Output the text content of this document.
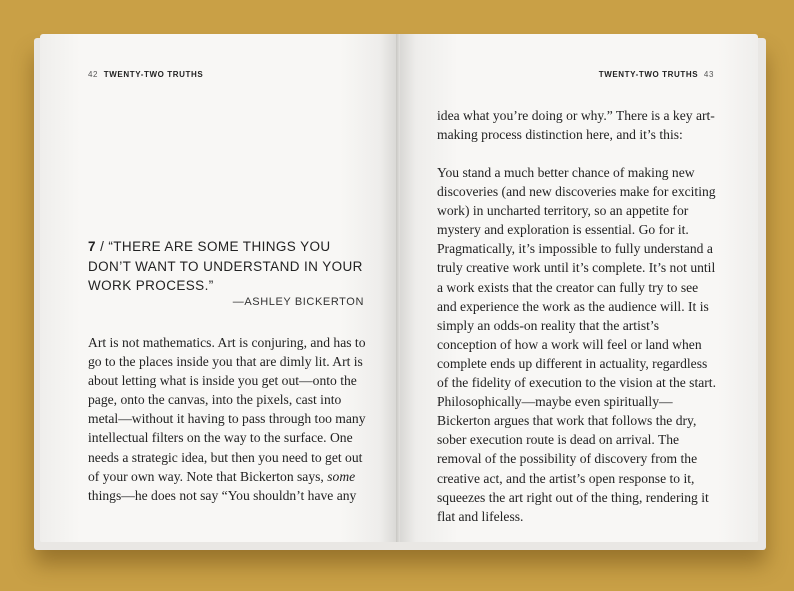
42 TWENTY-TWO TRUTHS
7 / “THERE ARE SOME THINGS YOU DON’T WANT TO UNDERSTAND IN YOUR WORK PROCESS.”
—ASHLEY BICKERTON

Art is not mathematics. Art is conjuring, and has to go to the places inside you that are dimly lit. Art is about letting what is inside you get out—onto the page, onto the canvas, into the pixels, cast into metal—without it having to pass through too many intellectual filters on the way to the surface. One needs a strategic idea, but then you need to get out of your own way. Note that Bickerton says, some things—he does not say “You shouldn’t have any

TWENTY-TWO TRUTHS 43
idea what you’re doing or why.” There is a key art-making process distinction here, and it’s this:
You stand a much better chance of making new discoveries (and new discoveries make for exciting work) in uncharted territory, so an appetite for mystery and exploration is essential. Go for it. Pragmatically, it’s impossible to fully understand a truly creative work until it’s complete. It’s not until a work exists that the creator can fully try to see and experience the work as the audience will. It is simply an odds-on reality that the artist’s conception of how a work will feel or land when complete ends up different in actuality, regardless of the fidelity of execution to the vision at the start. Philosophically—maybe even spiritually—Bickerton argues that work that follows the dry, sober execution route is dead on arrival. The removal of the possibility of discovery from the creative act, and the artist’s open response to it, squeezes the art right out of the thing, rendering it flat and lifeless.
